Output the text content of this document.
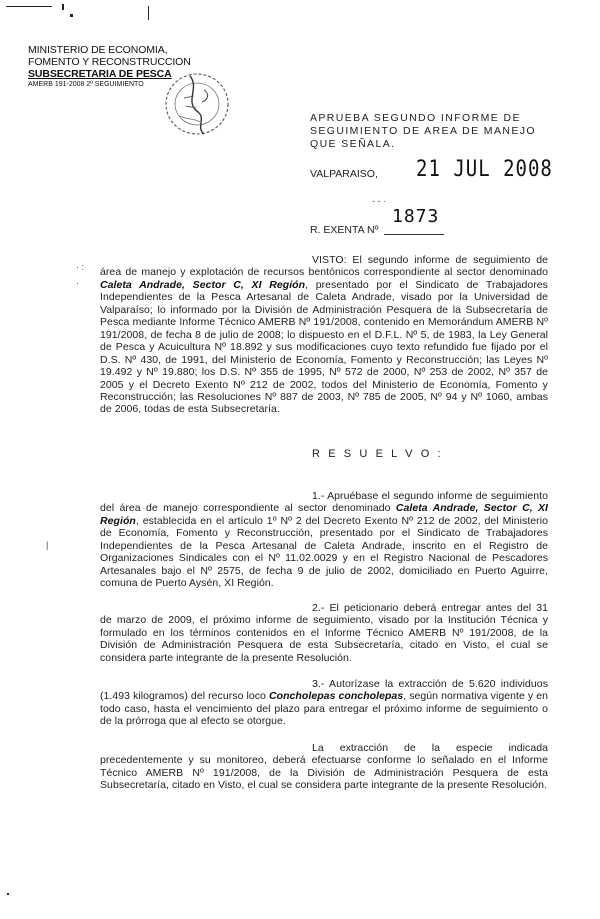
MINISTERIO DE ECONOMIA,
FOMENTO Y RECONSTRUCCION
SUBSECRETARIA DE PESCA
AMERB 191-2008 2º SEGUIMIENTO
APRUEBA SEGUNDO INFORME DE SEGUIMIENTO DE AREA DE MANEJO QUE SEÑALA.
VALPARAISO, 21 JUL 2008
‐ ‐ ·
1873
R. EXENTA Nº
· :
·
|
VISTO: El segundo informe de seguimiento de área de manejo y explotación de recursos bentónicos correspondiente al sector denominado Caleta Andrade, Sector C, XI Región, presentado por el Sindicato de Trabajadores Independientes de la Pesca Artesanal de Caleta Andrade, visado por la Universidad de Valparaíso; lo informado por la División de Administración Pesquera de la Subsecretaría de Pesca mediante Informe Técnico AMERB Nº 191/2008, contenido en Memorándum AMERB Nº 191/2008, de fecha 8 de julio de 2008; lo dispuesto en el D.F.L. Nº 5, de 1983, la Ley General de Pesca y Acuicultura Nº 18.892 y sus modificaciones cuyo texto refundido fue fijado por el D.S. Nº 430, de 1991, del Ministerio de Economía, Fomento y Reconstrucción; las Leyes Nº 19.492 y Nº 19.880; los D.S. Nº 355 de 1995, Nº 572 de 2000, Nº 253 de 2002, Nº 357 de 2005 y el Decreto Exento Nº 212 de 2002, todos del Ministerio de Economía, Fomento y Reconstrucción; las Resoluciones Nº 887 de 2003, Nº 785 de 2005, Nº 94 y Nº 1060, ambas de 2006, todas de esta Subsecretaría.
R E S U E L V O :
1.- Apruébase el segundo informe de seguimiento del área de manejo correspondiente al sector denominado Caleta Andrade, Sector C, XI Región, establecida en el artículo 1º Nº 2 del Decreto Exento Nº 212 de 2002, del Ministerio de Economía, Fomento y Reconstrucción, presentado por el Sindicato de Trabajadores Independientes de la Pesca Artesanal de Caleta Andrade, inscrito en el Registro de Organizaciones Sindicales con el Nº 11.02.0029 y en el Registro Nacional de Pescadores Artesanales bajo el Nº 2575, de fecha 9 de julio de 2002, domiciliado en Puerto Aguirre, comuna de Puerto Aysén, XI Región.
2.- El peticionario deberá entregar antes del 31 de marzo de 2009, el próximo informe de seguimiento, visado por la Institución Técnica y formulado en los términos contenidos en el Informe Técnico AMERB Nº 191/2008, de la División de Administración Pesquera de esta Subsecretaría, citado en Visto, el cual se considera parte integrante de la presente Resolución.
3.- Autorízase la extracción de 5.620 individuos (1.493 kilogramos) del recurso loco Concholepas concholepas, según normativa vigente y en todo caso, hasta el vencimiento del plazo para entregar el próximo informe de seguimiento o de la prórroga que al efecto se otorgue.
La extracción de la especie indicada precedentemente y su monitoreo, deberá efectuarse conforme lo señalado en el Informe Técnico AMERB Nº 191/2008, de la División de Administración Pesquera de esta Subsecretaría, citado en Visto, el cual se considera parte integrante de la presente Resolución.
